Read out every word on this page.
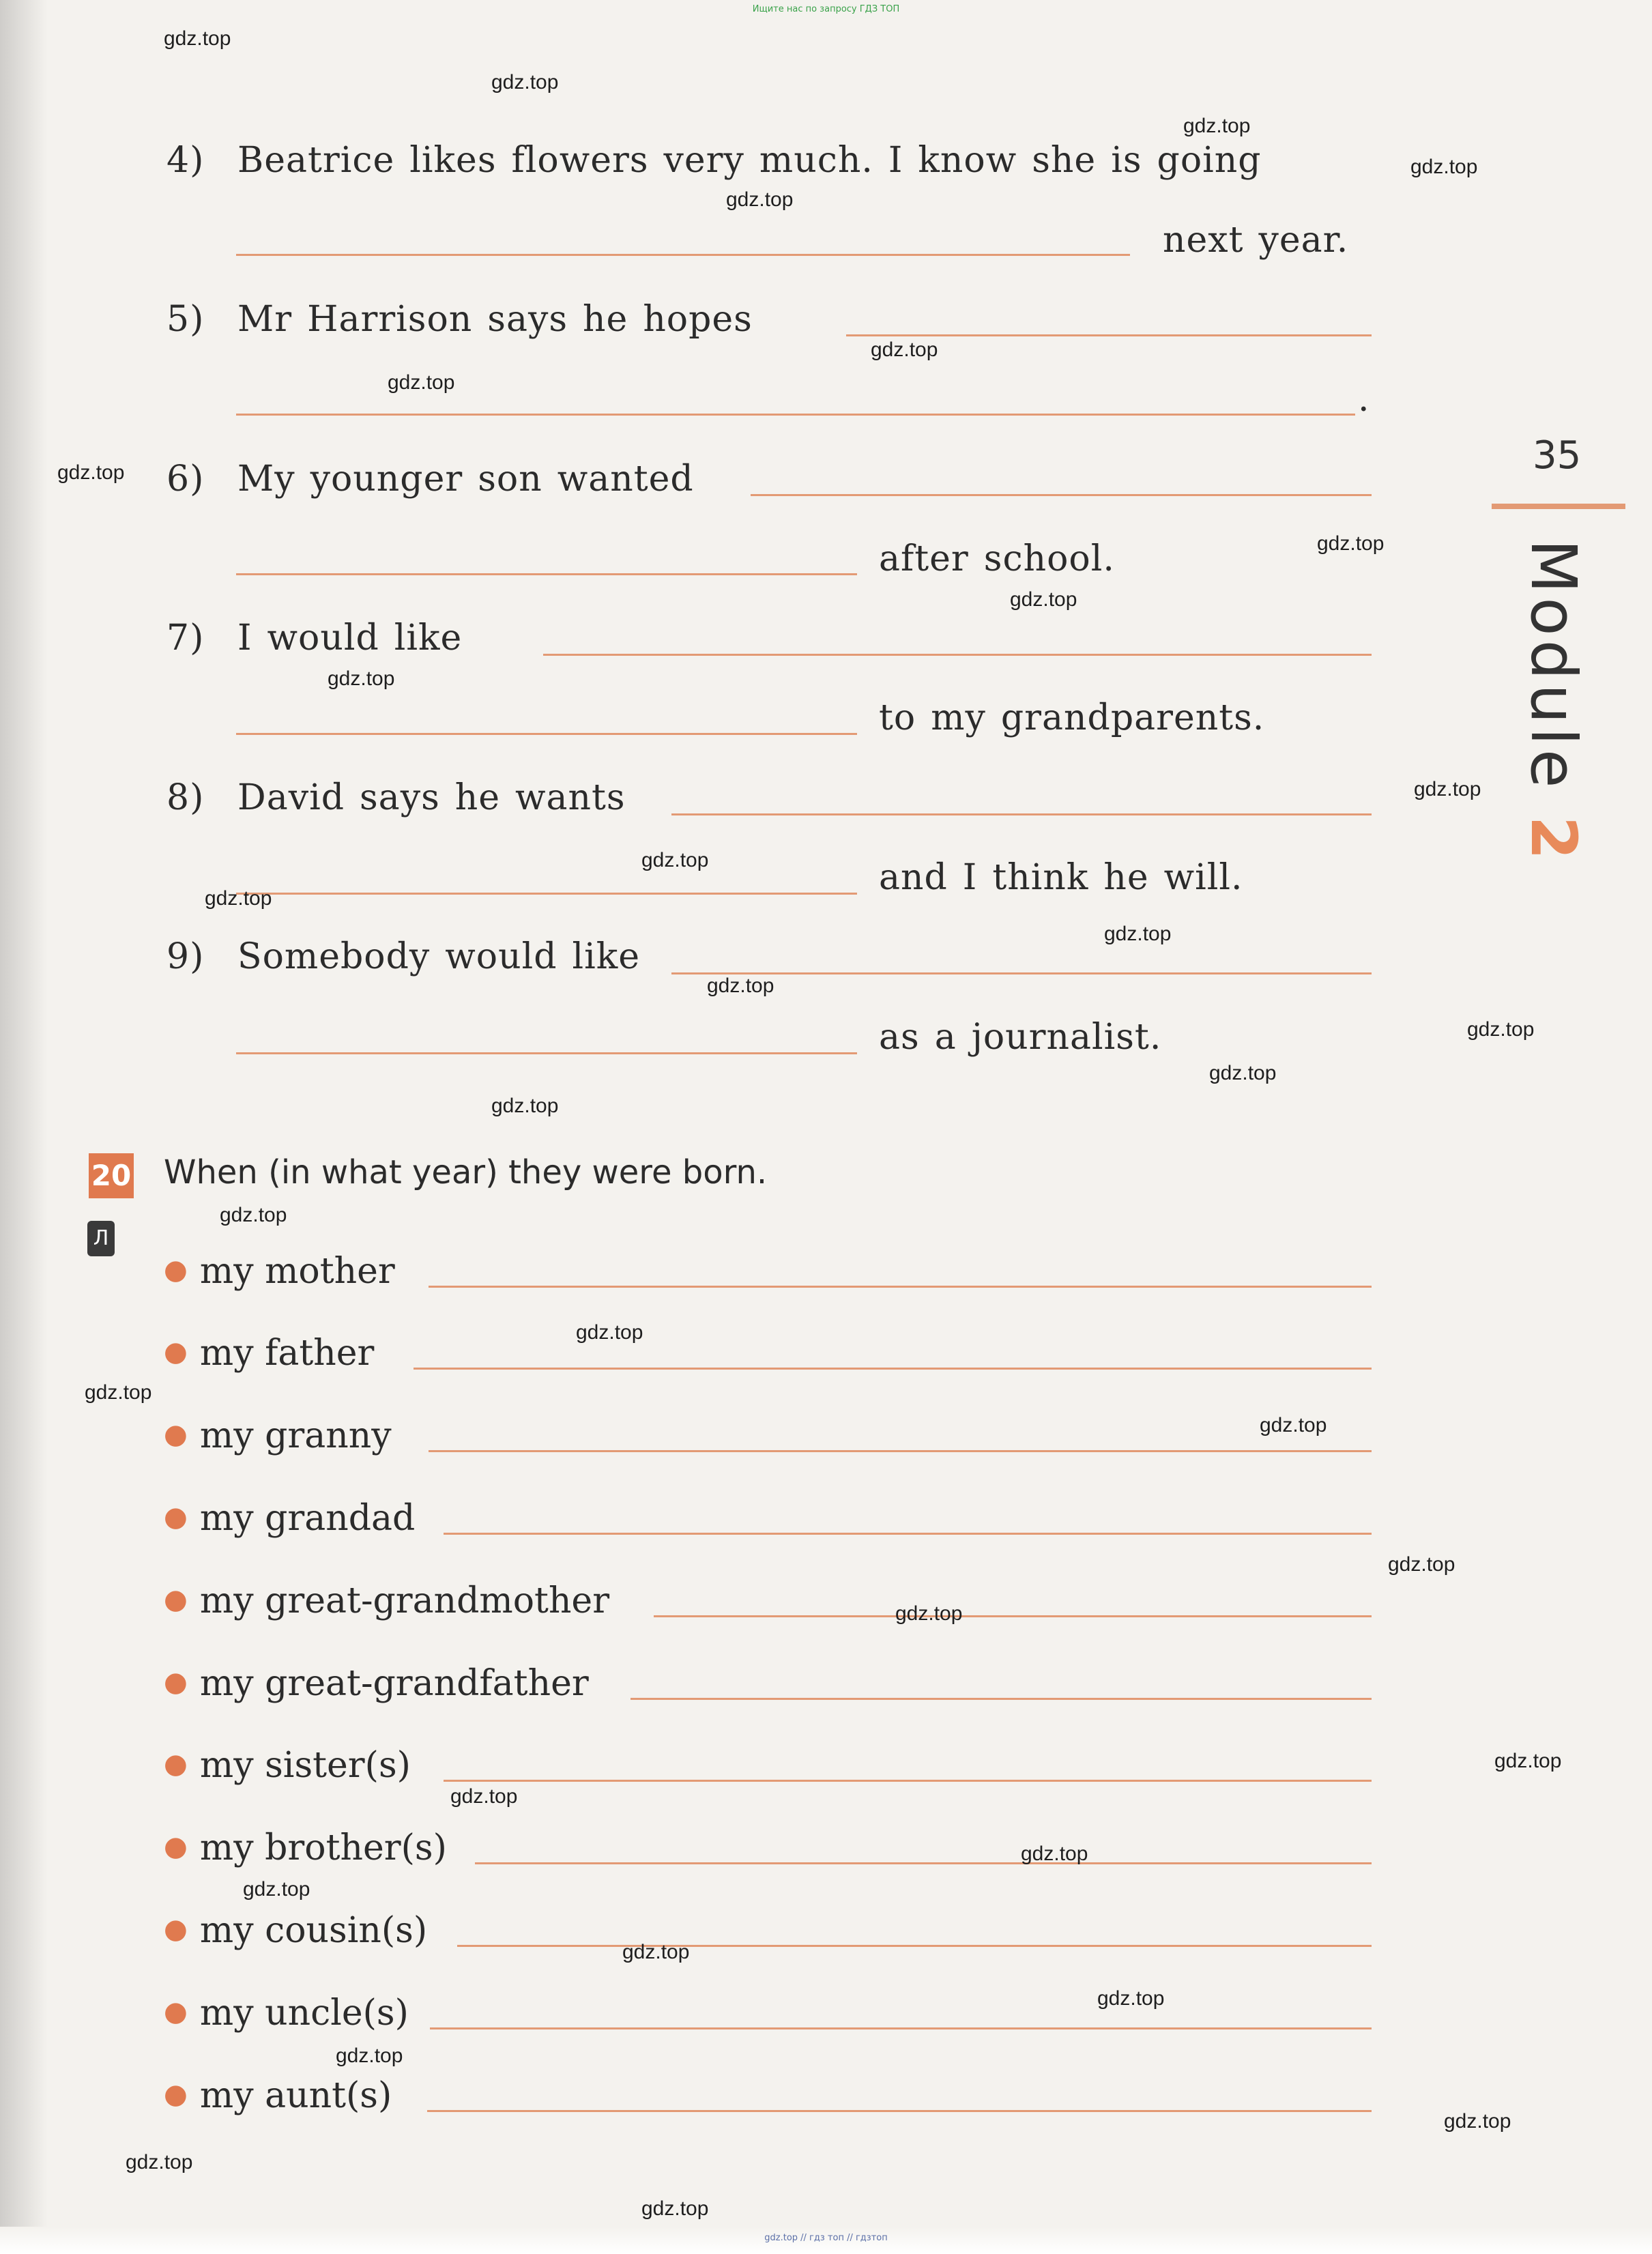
Ищите нас по запросу ГДЗ ТОП
4) Beatrice likes flowers very much. I know she is going
next year.
5) Mr Harrison says he hopes
.
6) My younger son wanted
after school.
7) I would like
to my grandparents.
8) David says he wants
and I think he will.
9) Somebody would like
as a journalist.
35
Module 2
20 When (in what year) they were born.
Л
● my mother
● my father
● my granny
● my grandad
● my great-grandmother
● my great-grandfather
● my sister(s)
● my brother(s)
● my cousin(s)
● my uncle(s)
● my aunt(s)
gdz.top
gdz.top
gdz.top
gdz.top
gdz.top
gdz.top
gdz.top
gdz.top
gdz.top
gdz.top
gdz.top
gdz.top
gdz.top
gdz.top
gdz.top
gdz.top
gdz.top
gdz.top
gdz.top
gdz.top
gdz.top
gdz.top
gdz.top
gdz.top
gdz.top
gdz.top
gdz.top
gdz.top
gdz.top
gdz.top
gdz.top
gdz.top
gdz.top
gdz.top
gdz.top
gdz.top // гдз топ // гдзтоп
